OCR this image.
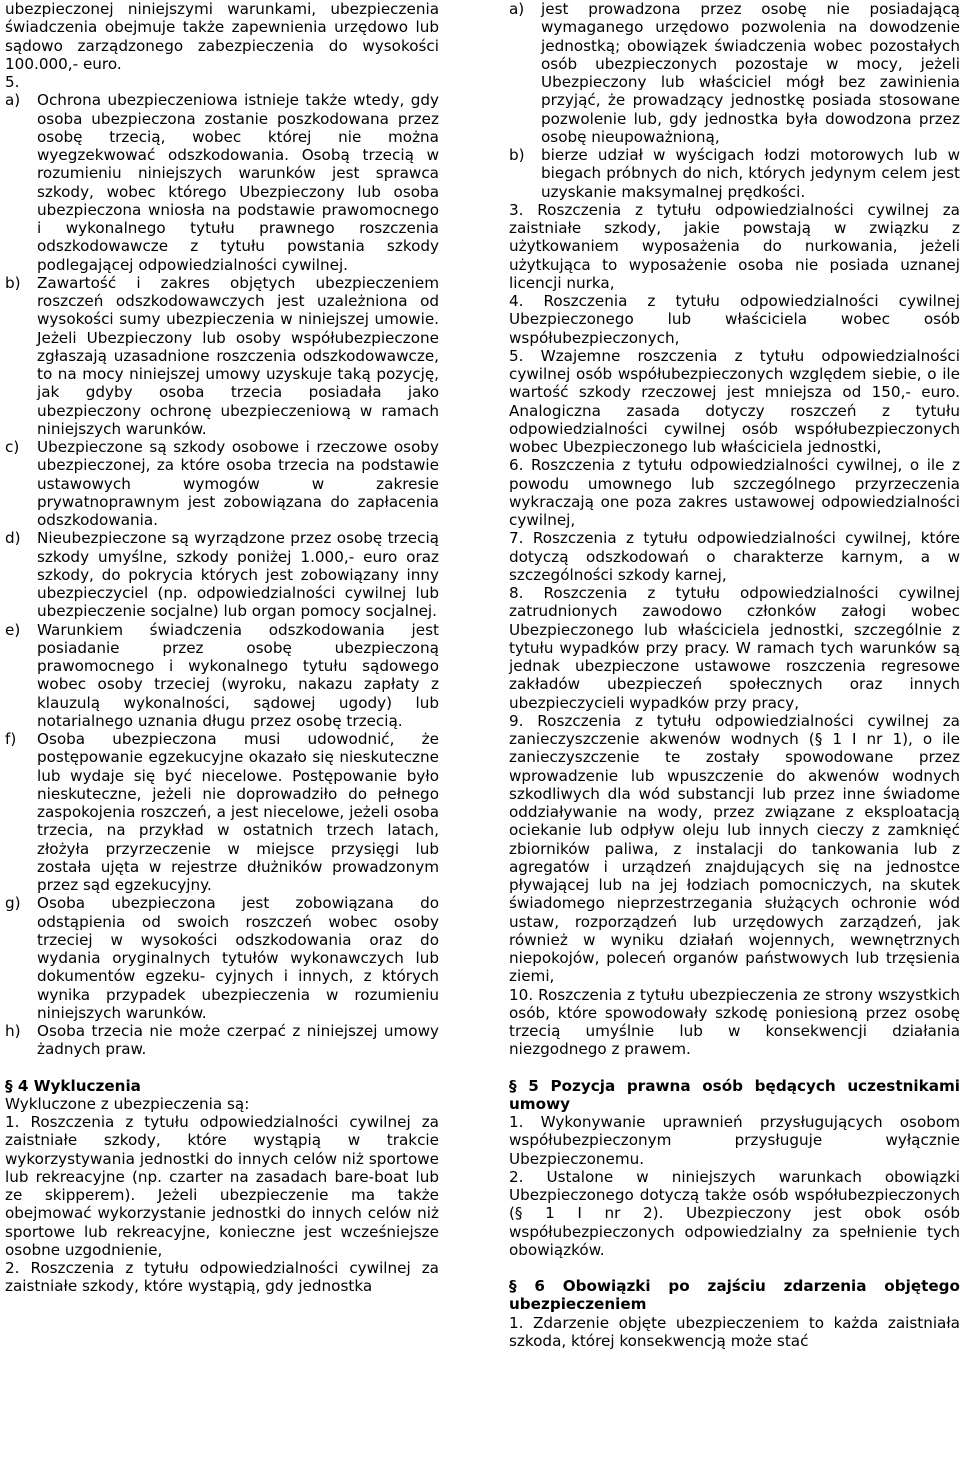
ubezpieczonej niniejszymi warunkami, ubezpieczenia świadczenia obejmuje także zapewnienia urzędowo lub sądowo zarządzonego zabezpieczenia do wysokości 100.000,- euro.

5.

a) Ochrona ubezpieczeniowa istnieje także wtedy, gdy osoba ubezpieczona zostanie poszkodowana przez osobę trzecią, wobec której nie można wyegzekwować odszkodowania. Osobą trzecią w rozumieniu niniejszych warunków jest sprawca szkody, wobec którego Ubezpieczony lub osoba ubezpieczona wniosła na podstawie prawomocnego i wykonalnego tytułu prawnego roszczenia odszkodowawcze z tytułu powstania szkody podlegającej odpowiedzialności cywilnej.
b) Zawartość i zakres objętych ubezpieczeniem roszczeń odszkodowawczych jest uzależniona od wysokości sumy ubezpieczenia w niniejszej umowie. Jeżeli Ubezpieczony lub osoby współubezpieczone zgłaszają uzasadnione roszczenia odszkodowawcze, to na mocy niniejszej umowy uzyskuje taką pozycję, jak gdyby osoba trzecia posiadała jako ubezpieczony ochronę ubezpieczeniową w ramach niniejszych warunków.
c) Ubezpieczone są szkody osobowe i rzeczowe osoby ubezpieczonej, za które osoba trzecia na podstawie ustawowych wymogów w zakresie prywatnoprawnym jest zobowiązana do zapłacenia odszkodowania.
d) Nieubezpieczone są wyrządzone przez osobę trzecią szkody umyślne, szkody poniżej 1.000,- euro oraz szkody, do pokrycia których jest zobowiązany inny ubezpieczyciel (np. odpowiedzialności cywilnej lub ubezpieczenie socjalne) lub organ pomocy socjalnej.
e) Warunkiem świadczenia odszkodowania jest posiadanie przez osobę ubezpieczoną prawomocnego i wykonalnego tytułu sądowego wobec osoby trzeciej (wyroku, nakazu zapłaty z klauzulą wykonalności, sądowej ugody) lub notarialnego uznania długu przez osobę trzecią.
f) Osoba ubezpieczona musi udowodnić, że postępowanie egzekucyjne okazało się nieskuteczne lub wydaje się być niecelowe. Postępowanie było nieskuteczne, jeżeli nie doprowadziło do pełnego zaspokojenia roszczeń, a jest niecelowe, jeżeli osoba trzecia, na przykład w ostatnich trzech latach, złożyła przyrzeczenie w miejsce przysięgi lub została ujęta w rejestrze dłużników prowadzonym przez sąd egzekucyjny.
g) Osoba ubezpieczona jest zobowiązana do odstąpienia od swoich roszczeń wobec osoby trzeciej w wysokości odszkodowania oraz do wydania oryginalnych tytułów wykonawczych lub dokumentów egzeku- cyjnych i innych, z których wynika przypadek ubezpieczenia w rozumieniu niniejszych warunków.
h) Osoba trzecia nie może czerpać z niniejszej umowy żadnych praw.

§ 4 Wykluczenia

Wykluczone z ubezpieczenia są:

1. Roszczenia z tytułu odpowiedzialności cywilnej za zaistniałe szkody, które wystąpią w trakcie wykorzystywania jednostki do innych celów niż sportowe lub rekreacyjne (np. czarter na zasadach bare-boat lub ze skipperem). Jeżeli ubezpieczenie ma także obejmować wykorzystanie jednostki do innych celów niż sportowe lub rekreacyjne, konieczne jest wcześniejsze osobne uzgodnienie,

2. Roszczenia z tytułu odpowiedzialności cywilnej za zaistniałe szkody, które wystąpią, gdy jednostka

a) jest prowadzona przez osobę nie posiadającą wymaganego urzędowo pozwolenia na dowodzenie jednostką; obowiązek świadczenia wobec pozostałych osób ubezpieczonych pozostaje w mocy, jeżeli Ubezpieczony lub właściciel mógł bez zawinienia przyjąć, że prowadzący jednostkę posiada stosowane pozwolenie lub, gdy jednostka była dowodzona przez osobę nieupoważnioną,
b) bierze udział w wyścigach łodzi motorowych lub w biegach próbnych do nich, których jedynym celem jest uzyskanie maksymalnej prędkości.

3. Roszczenia z tytułu odpowiedzialności cywilnej za zaistniałe szkody, jakie powstają w związku z użytkowaniem wyposażenia do nurkowania, jeżeli użytkująca to wyposażenie osoba nie posiada uznanej licencji nurka,

4. Roszczenia z tytułu odpowiedzialności cywilnej Ubezpieczonego lub właściciela wobec osób współubezpieczonych,

5. Wzajemne roszczenia z tytułu odpowiedzialności cywilnej osób współubezpieczonych względem siebie, o ile wartość szkody rzeczowej jest mniejsza od 150,- euro. Analogiczna zasada dotyczy roszczeń z tytułu odpowiedzialności cywilnej osób współubezpieczonych wobec Ubezpieczonego lub właściciela jednostki,

6. Roszczenia z tytułu odpowiedzialności cywilnej, o ile z powodu umownego lub szczególnego przyrzeczenia wykraczają one poza zakres ustawowej odpowiedzialności cywilnej,

7. Roszczenia z tytułu odpowiedzialności cywilnej, które dotyczą odszkodowań o charakterze karnym, a w szczególności szkody karnej,

8. Roszczenia z tytułu odpowiedzialności cywilnej zatrudnionych zawodowo członków załogi wobec Ubezpieczonego lub właściciela jednostki, szczególnie z tytułu wypadków przy pracy. W ramach tych warunków są jednak ubezpieczone ustawowe roszczenia regresowe zakładów ubezpieczeń społecznych oraz innych ubezpieczycieli wypadków przy pracy,

9. Roszczenia z tytułu odpowiedzialności cywilnej za zanieczyszczenie akwenów wodnych (§ 1 I nr 1), o ile zanieczyszczenie te zostały spowodowane przez wprowadzenie lub wpuszczenie do akwenów wodnych szkodliwych dla wód substancji lub przez inne świadome oddziaływanie na wody, przez związane z eksploatacją ociekanie lub odpływ oleju lub innych cieczy z zamknięć zbiorników paliwa, z instalacji do tankowania lub z agregatów i urządzeń znajdujących się na jednostce pływającej lub na jej łodziach pomocniczych, na skutek świadomego nieprzestrzegania służących ochronie wód ustaw, rozporządzeń lub urzędowych zarządzeń, jak również w wyniku działań wojennych, wewnętrznych niepokojów, poleceń organów państwowych lub trzęsienia ziemi,

10. Roszczenia z tytułu ubezpieczenia ze strony wszystkich osób, które spowodowały szkodę poniesioną przez osobę trzecią umyślnie lub w konsekwencji działania niezgodnego z prawem.

§ 5 Pozycja prawna osób będących uczestnikami umowy

1. Wykonywanie uprawnień przysługujących osobom współubezpieczonym przysługuje wyłącznie Ubezpieczonemu.

2. Ustalone w niniejszych warunkach obowiązki Ubezpieczonego dotyczą także osób współubezpieczonych (§ 1 I nr 2). Ubezpieczony jest obok osób współubezpieczonych odpowiedzialny za spełnienie tych obowiązków.

§ 6 Obowiązki po zajściu zdarzenia objętego ubezpieczeniem

1. Zdarzenie objęte ubezpieczeniem to każda zaistniała szkoda, której konsekwencją może stać
